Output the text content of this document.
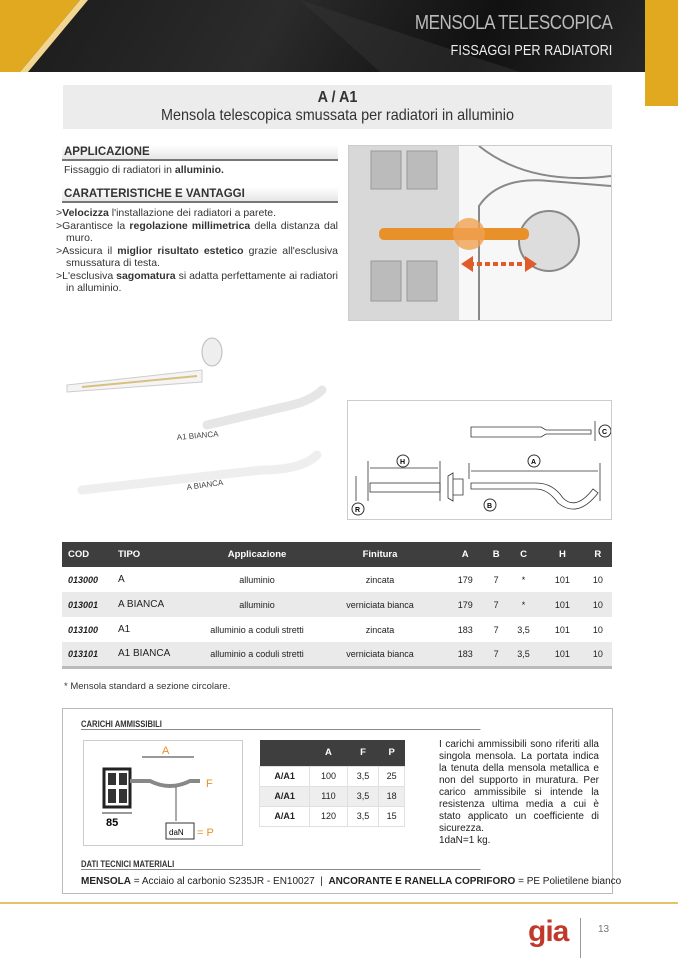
MENSOLA TELESCOPICA
FISSAGGI PER RADIATORI
A / A1
Mensola telescopica smussata per radiatori in alluminio
APPLICAZIONE
Fissaggio di radiatori in alluminio.
CARATTERISTICHE E VANTAGGI
>Velocizza l'installazione dei radiatori a parete.
>Garantisce la regolazione millimetrica della distanza dal muro.
>Assicura il miglior risultato estetico grazie all'esclusiva smussatura di testa.
>L'esclusiva sagomatura si adatta perfettamente ai radiatori in alluminio.
A1 BIANCA
A BIANCA
H	A
B
C
R
COD	TIPO	Applicazione	Finitura	A	B	C	H	R
013000	A	alluminio	zincata	179	7	*	101	10
013001	A BIANCA	alluminio	verniciata bianca	179	7	*	101	10
013100	A1	alluminio a coduli stretti	zincata	183	7	3,5	101	10
013101	A1 BIANCA	alluminio a coduli stretti	verniciata bianca	183	7	3,5	101	10
* Mensola standard a sezione circolare.
CARICHI AMMISSIBILI
A
F
85
daN = P
	A	F	P
A/A1	100	3,5	25
A/A1	110	3,5	18
A/A1	120	3,5	15
I carichi ammissibili sono riferiti alla singola mensola. La portata indica la tenuta della mensola metallica e non del supporto in muratura. Per carico ammissibile si intende la resistenza ultima media a cui è stato applicato un coefficiente di sicurezza.
1daN=1 kg.
DATI TECNICI MATERIALI
MENSOLA = Acciaio al carbonio S235JR - EN10027  |  ANCORANTE E RANELLA COPRIFORO = PE Polietilene bianco
gia	13
